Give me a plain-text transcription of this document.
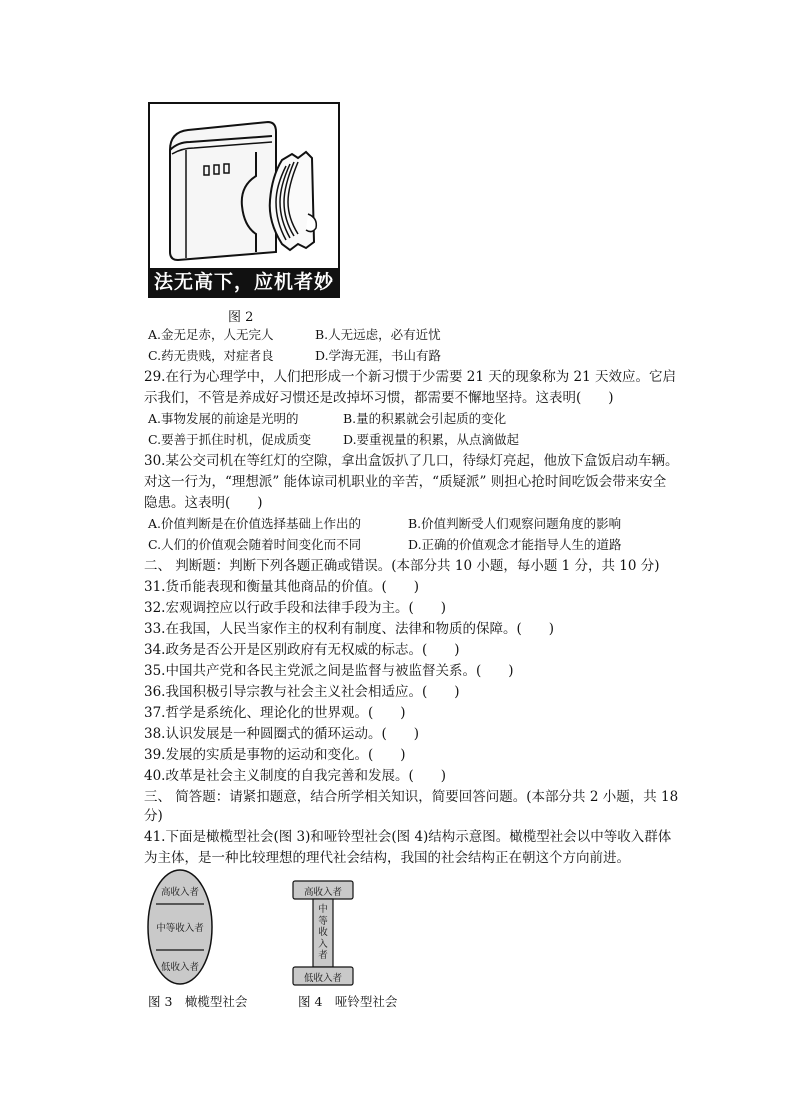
法无高下，应机者妙
图 2
A.金无足赤，人无完人	B.人无远虑，必有近忧
C.药无贵贱，对症者良	D.学海无涯，书山有路
29.在行为心理学中，人们把形成一个新习惯于少需要 21 天的现象称为 21 天效应。它启
示我们，不管是养成好习惯还是改掉坏习惯，都需要不懈地坚持。这表明(　　)
A.事物发展的前途是光明的	B.量的积累就会引起质的变化
C.要善于抓住时机，促成质变	D.要重视量的积累，从点滴做起
30.某公交司机在等红灯的空隙，拿出盒饭扒了几口，待绿灯亮起，他放下盒饭启动车辆。
对这一行为，“理想派” 能体谅司机职业的辛苦，“质疑派” 则担心抢时间吃饭会带来安全
隐患。这表明(　　)
A.价值判断是在价值选择基础上作出的	B.价值判断受人们观察问题角度的影响
C.人们的价值观会随着时间变化而不同	D.正确的价值观念才能指导人生的道路
二、 判断题：判断下列各题正确或错误。(本部分共 10 小题，每小题 1 分，共 10 分)
31.货币能表现和衡量其他商品的价值。(　　)
32.宏观调控应以行政手段和法律手段为主。(　　)
33.在我国，人民当家作主的权利有制度、法律和物质的保障。(　　)
34.政务是否公开是区别政府有无权威的标志。(　　)
35.中国共产党和各民主党派之间是监督与被监督关系。(　　)
36.我国积极引导宗教与社会主义社会相适应。(　　)
37.哲学是系统化、理论化的世界观。(　　)
38.认识发展是一种圆圈式的循环运动。(　　)
39.发展的实质是事物的运动和变化。(　　)
40.改革是社会主义制度的自我完善和发展。(　　)
三、 简答题：请紧扣题意，结合所学相关知识，简要回答问题。(本部分共 2 小题，共 18
分)
41.下面是橄榄型社会(图 3)和哑铃型社会(图 4)结构示意图。橄榄型社会以中等收入群体
为主体，是一种比较理想的理代社会结构，我国的社会结构正在朝这个方向前进。
高收入者
中等收入者
低收入者
图 3　橄榄型社会
高收入者
中等收入者
低收入者
图 4　哑铃型社会
